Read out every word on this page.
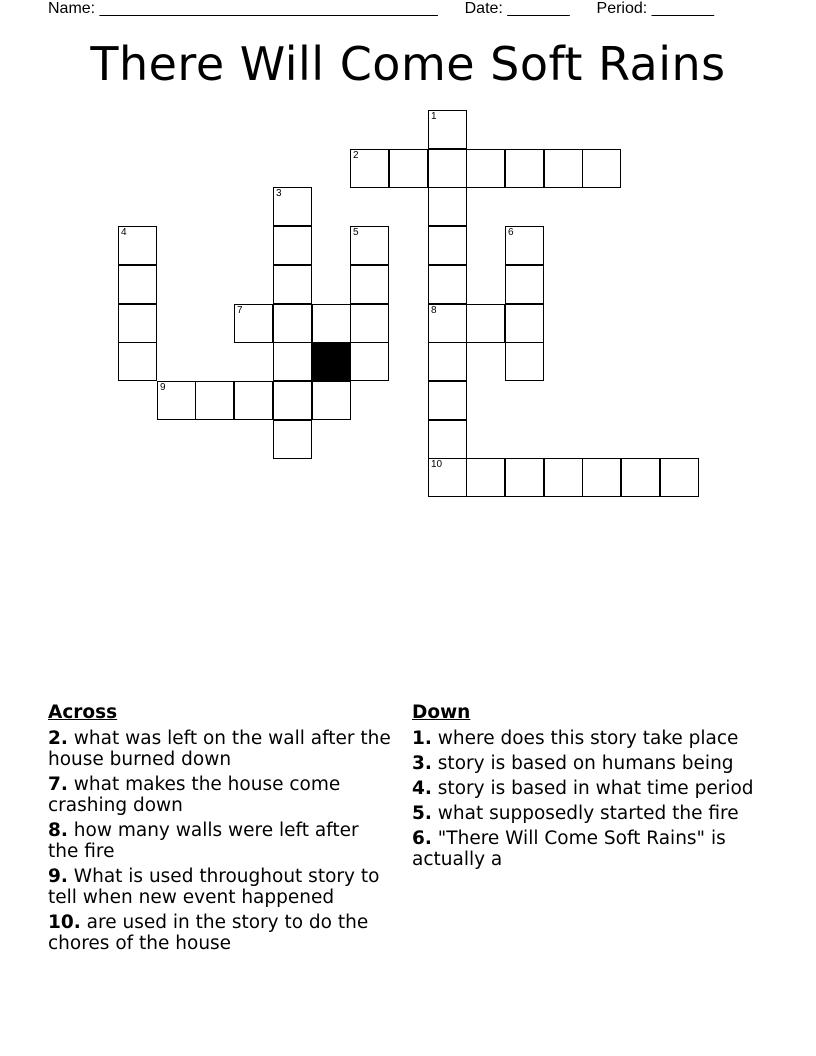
Name: ______________________________________ Date: _______ Period: _______
There Will Come Soft Rains
1
2
3
4	5	6
7	8
9
10
Across
2. what was left on the wall after the house burned down
7. what makes the house come crashing down
8. how many walls were left after the fire
9. What is used throughout story to tell when new event happened
10. are used in the story to do the chores of the house
Down
1. where does this story take place
3. story is based on humans being
4. story is based in what time period
5. what supposedly started the fire
6. "There Will Come Soft Rains" is actually a
